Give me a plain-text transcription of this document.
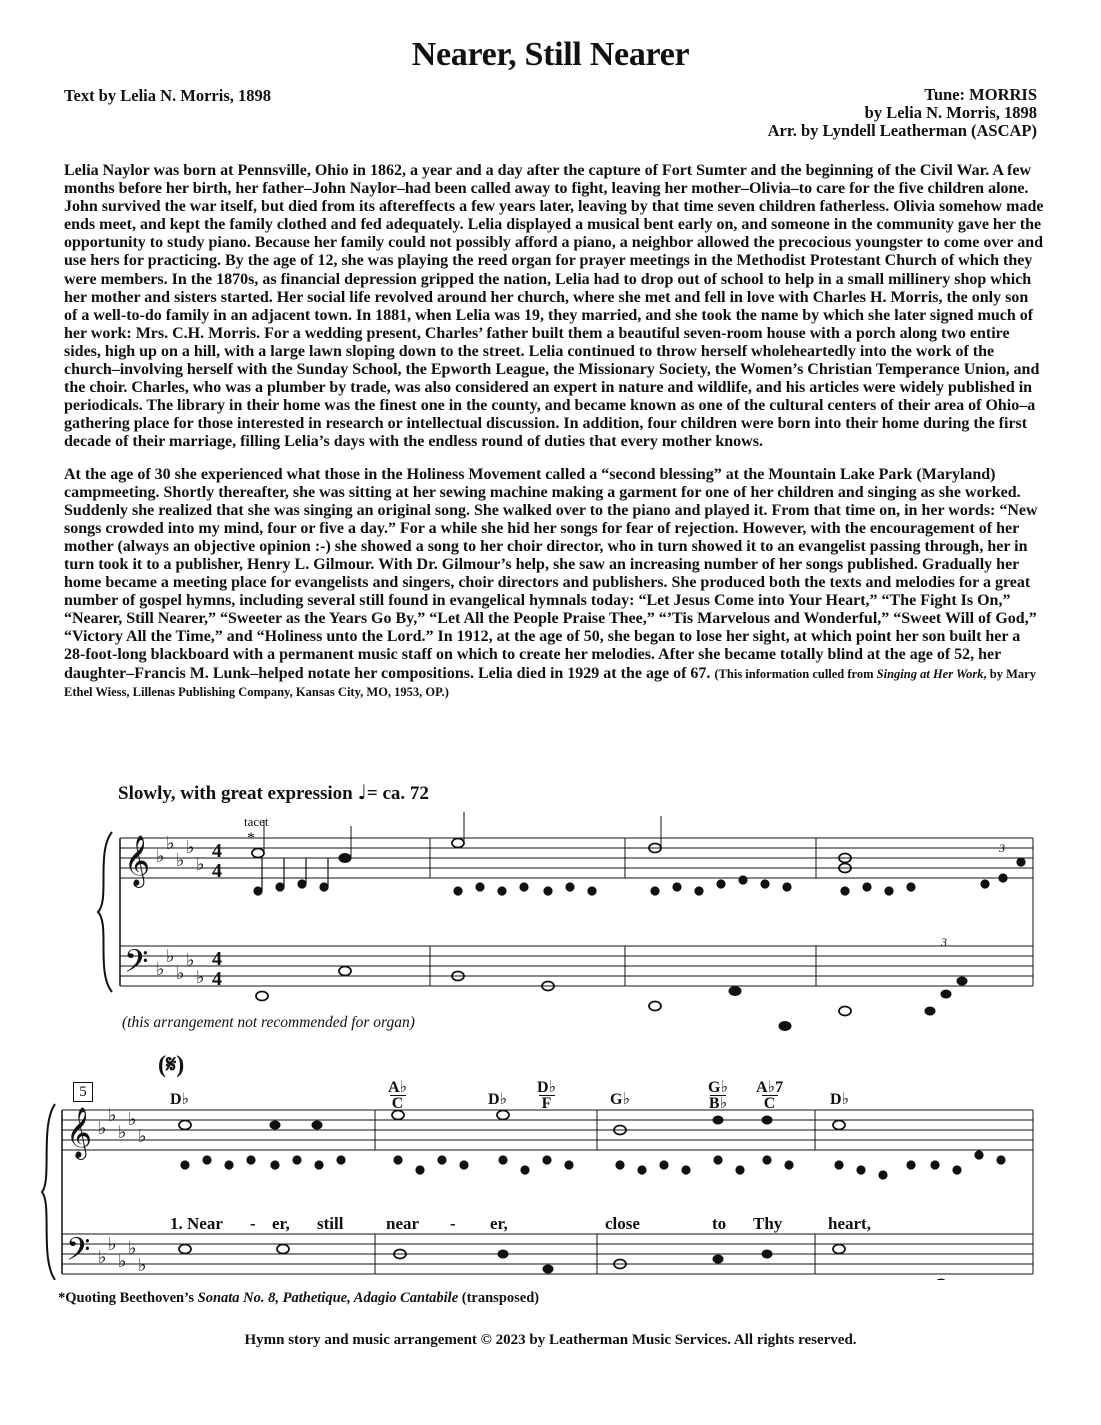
Nearer, Still Nearer
Text by Lelia N. Morris, 1898	Tune: MORRIS
by Lelia N. Morris, 1898
Arr. by Lyndell Leatherman (ASCAP)

Lelia Naylor was born at Pennsville, Ohio in 1862, a year and a day after the capture of Fort Sumter and the beginning of the Civil War. A few months before her birth, her father–John Naylor–had been called away to fight, leaving her mother–Olivia–to care for the five children alone. John survived the war itself, but died from its aftereffects a few years later, leaving by that time seven children fatherless. Olivia somehow made ends meet, and kept the family clothed and fed adequately. Lelia displayed a musical bent early on, and someone in the community gave her the opportunity to study piano. Because her family could not possibly afford a piano, a neighbor allowed the precocious youngster to come over and use hers for practicing. By the age of 12, she was playing the reed organ for prayer meetings in the Methodist Protestant Church of which they were members. In the 1870s, as financial depression gripped the nation, Lelia had to drop out of school to help in a small millinery shop which her mother and sisters started. Her social life revolved around her church, where she met and fell in love with Charles H. Morris, the only son of a well-to-do family in an adjacent town. In 1881, when Lelia was 19, they married, and she took the name by which she later signed much of her work: Mrs. C.H. Morris. For a wedding present, Charles’ father built them a beautiful seven-room house with a porch along two entire sides, high up on a hill, with a large lawn sloping down to the street. Lelia continued to throw herself wholeheartedly into the work of the church–involving herself with the Sunday School, the Epworth League, the Missionary Society, the Women’s Christian Temperance Union, and the choir. Charles, who was a plumber by trade, was also considered an expert in nature and wildlife, and his articles were widely published in periodicals. The library in their home was the finest one in the county, and became known as one of the cultural centers of their area of Ohio–a gathering place for those interested in research or intellectual discussion. In addition, four children were born into their home during the first decade of their marriage, filling Lelia’s days with the endless round of duties that every mother knows.

At the age of 30 she experienced what those in the Holiness Movement called a “second blessing” at the Mountain Lake Park (Maryland) campmeeting. Shortly thereafter, she was sitting at her sewing machine making a garment for one of her children and singing as she worked. Suddenly she realized that she was singing an original song. She walked over to the piano and played it. From that time on, in her words: “New songs crowded into my mind, four or five a day.” For a while she hid her songs for fear of rejection. However, with the encouragement of her mother (always an objective opinion :-) she showed a song to her choir director, who in turn showed it to an evangelist passing through, her in turn took it to a publisher, Henry L. Gilmour. With Dr. Gilmour’s help, she saw an increasing number of her songs published. Gradually her home became a meeting place for evangelists and singers, choir directors and publishers. She produced both the texts and melodies for a great number of gospel hymns, including several still found in evangelical hymnals today: “Let Jesus Come into Your Heart,” “The Fight Is On,” “Nearer, Still Nearer,” “Sweeter as the Years Go By,” “Let All the People Praise Thee,” “’Tis Marvelous and Wonderful,” “Sweet Will of God,” “Victory All the Time,” and “Holiness unto the Lord.” In 1912, at the age of 50, she began to lose her sight, at which point her son built her a 28-foot-long blackboard with a permanent music staff on which to create her melodies. After she became totally blind at the age of 52, her daughter–Francis M. Lunk–helped notate her compositions. Lelia died in 1929 at the age of 67. (This information culled from Singing at Her Work, by Mary Ethel Wiess, Lillenas Publishing Company, Kansas City, MO, 1953, OP.)

Slowly, with great expression ♩= ca. 72
tacet
*
𝄞
𝄢
𝄞
𝄢
♭
♭
♭
♭
♭
♭
♭
♭
♭
♭
♭
♭
♭
♭
♭
♭
♭
♭
♭
♭
4
4
4
4
3
3
(this arrangement not recommended for organ)
(𝄋)
5	D♭
A♭
C	D♭
D♭
F	G♭
G♭
B♭
A♭7
C	D♭
1. Near - er, still	near - er,	close	to Thy	heart,
*Quoting Beethoven’s Sonata No. 8, Pathetique, Adagio Cantabile (transposed)
Hymn story and music arrangement © 2023 by Leatherman Music Services. All rights reserved.
